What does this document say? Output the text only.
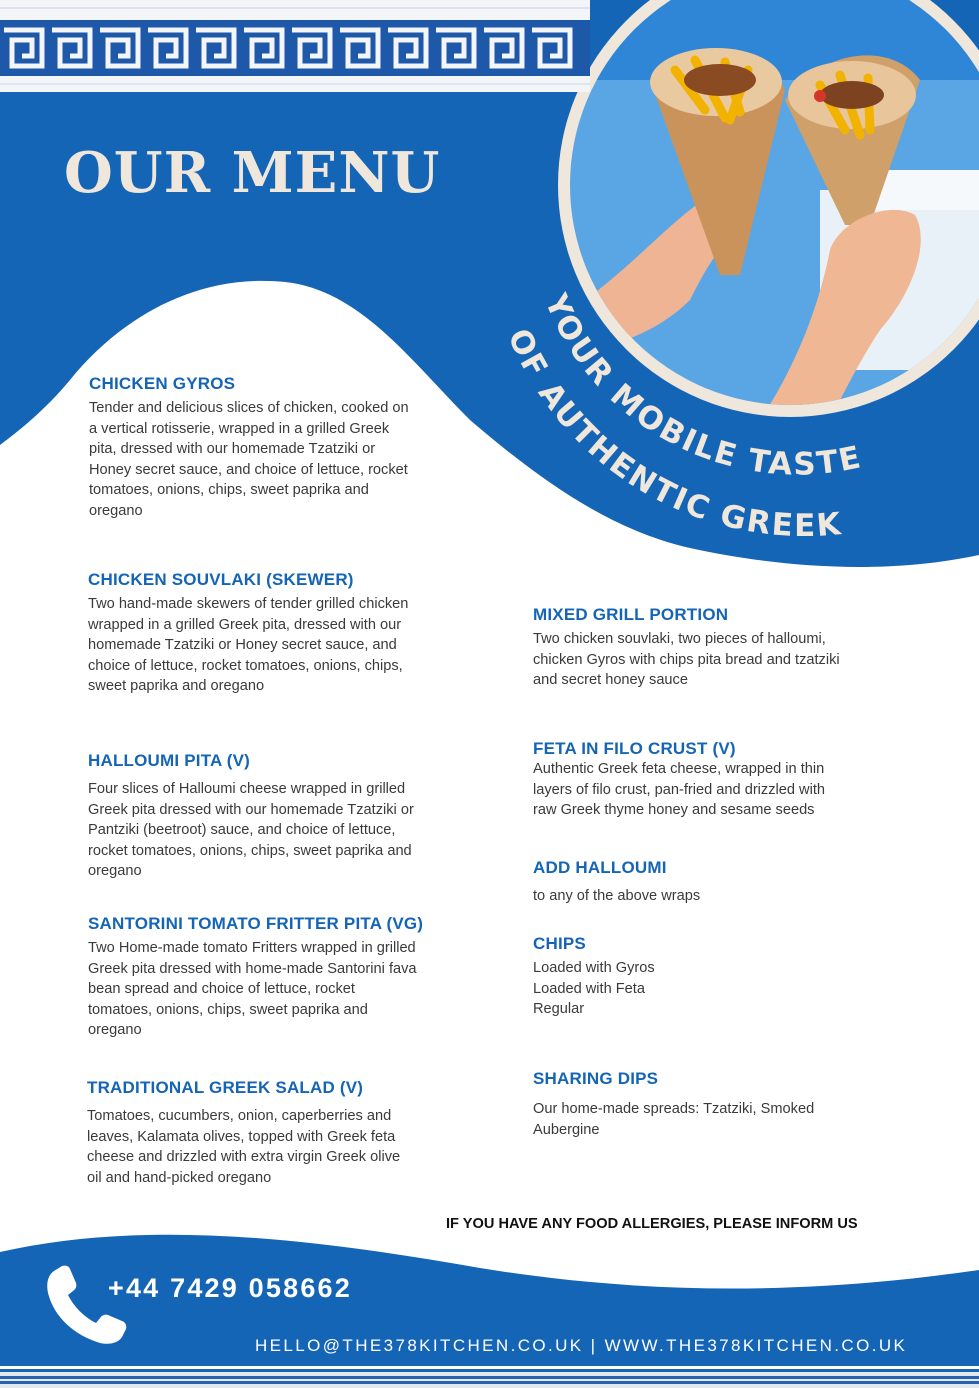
YOUR MOBILE TASTE
OF AUTHENTIC GREEK
OUR MENU
CHICKEN GYROS

Tender and delicious slices of chicken, cooked on a vertical rotisserie, wrapped in a grilled Greek pita, dressed with our homemade Tzatziki or Honey secret sauce, and choice of lettuce, rocket tomatoes, onions, chips, sweet paprika and oregano

CHICKEN SOUVLAKI (SKEWER)

Two hand-made skewers of tender grilled chicken wrapped in a grilled Greek pita, dressed with our homemade Tzatziki or Honey secret sauce, and choice of lettuce, rocket tomatoes, onions, chips, sweet paprika and oregano

HALLOUMI PITA (V)

Four slices of Halloumi cheese wrapped in grilled Greek pita dressed with our homemade Tzatziki or Pantziki (beetroot) sauce, and choice of lettuce, rocket tomatoes, onions, chips, sweet paprika and oregano

SANTORINI TOMATO FRITTER PITA (VG)

Two Home-made tomato Fritters wrapped in grilled Greek pita dressed with home-made Santorini fava bean spread and choice of lettuce, rocket tomatoes, onions, chips, sweet paprika and oregano

TRADITIONAL GREEK SALAD (V)

Tomatoes, cucumbers, onion, caperberries and leaves, Kalamata olives, topped with Greek feta cheese and drizzled with extra virgin Greek olive oil and hand-picked oregano

MIXED GRILL PORTION

Two chicken souvlaki, two pieces of halloumi, chicken Gyros with chips pita bread and tzatziki and secret honey sauce

FETA IN FILO CRUST (V)

Authentic Greek feta cheese, wrapped in thin layers of filo crust, pan-fried and drizzled with raw Greek thyme honey and sesame seeds

ADD HALLOUMI

to any of the above wraps

CHIPS

Loaded with Gyros
Loaded with Feta
Regular

SHARING DIPS

Our home-made spreads: Tzatziki, Smoked Aubergine

IF YOU HAVE ANY FOOD ALLERGIES, PLEASE INFORM US
+44 7429 058662
HELLO@THE378KITCHEN.CO.UK | WWW.THE378KITCHEN.CO.UK
